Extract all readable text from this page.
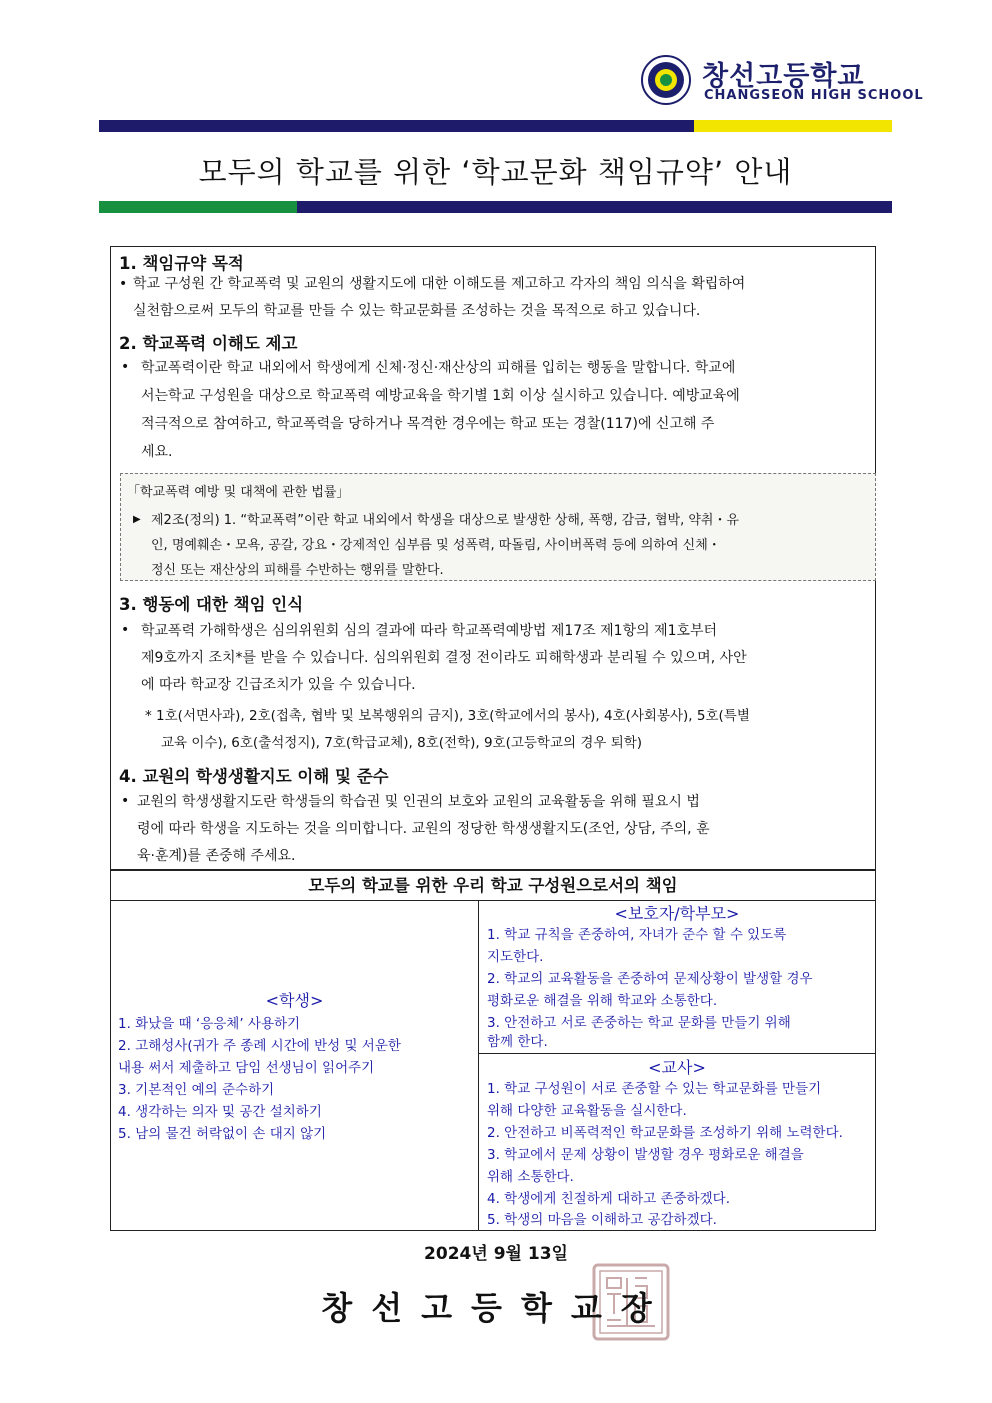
창선고등학교
CHANGSEON HIGH SCHOOL
모두의 학교를 위한 ‘학교문화 책임규약’ 안내
1. 책임규약 목적
• 학교 구성원 간 학교폭력 및 교원의 생활지도에 대한 이해도를 제고하고 각자의 책임 의식을 확립하여
실천함으로써 모두의 학교를 만들 수 있는 학교문화를 조성하는 것을 목적으로 하고 있습니다.
2. 학교폭력 이해도 제고
• 학교폭력이란 학교 내외에서 학생에게 신체·정신·재산상의 피해를 입히는 행동을 말합니다. 학교에
서는학교 구성원을 대상으로 학교폭력 예방교육을 학기별 1회 이상 실시하고 있습니다. 예방교육에
적극적으로 참여하고, 학교폭력을 당하거나 목격한 경우에는 학교 또는 경찰(117)에 신고해 주
세요.
「학교폭력 예방 및 대책에 관한 법률」
▶ 제2조(정의) 1. “학교폭력”이란 학교 내외에서 학생을 대상으로 발생한 상해, 폭행, 감금, 협박, 약취・유
인, 명예훼손・모욕, 공갈, 강요・강제적인 심부름 및 성폭력, 따돌림, 사이버폭력 등에 의하여 신체・
정신 또는 재산상의 피해를 수반하는 행위를 말한다.
3. 행동에 대한 책임 인식
• 학교폭력 가해학생은 심의위원회 심의 결과에 따라 학교폭력예방법 제17조 제1항의 제1호부터
제9호까지 조치*를 받을 수 있습니다. 심의위원회 결정 전이라도 피해학생과 분리될 수 있으며, 사안
에 따라 학교장 긴급조치가 있을 수 있습니다.
* 1호(서면사과), 2호(접촉, 협박 및 보복행위의 금지), 3호(학교에서의 봉사), 4호(사회봉사), 5호(특별
교육 이수), 6호(출석정지), 7호(학급교체), 8호(전학), 9호(고등학교의 경우 퇴학)
4. 교원의 학생생활지도 이해 및 준수
• 교원의 학생생활지도란 학생들의 학습권 및 인권의 보호와 교원의 교육활동을 위해 필요시 법
령에 따라 학생을 지도하는 것을 의미합니다. 교원의 정당한 학생생활지도(조언, 상담, 주의, 훈
육·훈계)를 존중해 주세요.
모두의 학교를 위한 우리 학교 구성원으로서의 책임
<학생>
1. 화났을 때 ‘응응체’ 사용하기
2. 고해성사(귀가 주 종례 시간에 반성 및 서운한
내용 써서 제출하고 담임 선생님이 읽어주기
3. 기본적인 예의 준수하기
4. 생각하는 의자 및 공간 설치하기
5. 남의 물건 허락없이 손 대지 않기
<보호자/학부모>
1. 학교 규칙을 존중하여, 자녀가 준수 할 수 있도록
지도한다.
2. 학교의 교육활동을 존중하여 문제상황이 발생할 경우
평화로운 해결을 위해 학교와 소통한다.
3. 안전하고 서로 존중하는 학교 문화를 만들기 위해
함께 한다.
<교사>
1. 학교 구성원이 서로 존중할 수 있는 학교문화를 만들기
위해 다양한 교육활동을 실시한다.
2. 안전하고 비폭력적인 학교문화를 조성하기 위해 노력한다.
3. 학교에서 문제 상황이 발생할 경우 평화로운 해결을
위해 소통한다.
4. 학생에게 친절하게 대하고 존중하겠다.
5. 학생의 마음을 이해하고 공감하겠다.
2024년 9월 13일
창선고등학교장
